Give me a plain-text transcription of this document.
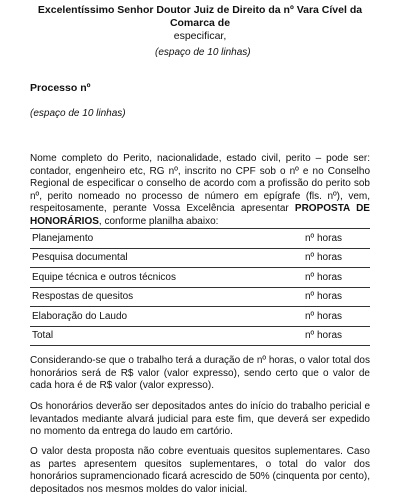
Excelentíssimo Senhor Doutor Juiz de Direito da nº Vara Cível da Comarca de
especificar,
(espaço de 10 linhas)
Processo nº
(espaço de 10 linhas)
Nome completo do Perito, nacionalidade, estado civil, perito – pode ser: contador, engenheiro etc, RG nº, inscrito no CPF sob o nº e no Conselho Regional de especificar o conselho de acordo com a profissão do perito sob nº, perito nomeado no processo de número em epígrafe (fls. nº), vem, respeitosamente, perante Vossa Excelência apresentar PROPOSTA DE HONORÁRIOS, conforme planilha abaixo:
Planejamento	nº horas
Pesquisa documental	nº horas
Equipe técnica e outros técnicos	nº horas
Respostas de quesitos	nº horas
Elaboração do Laudo	nº horas
Total	nº horas
Considerando-se que o trabalho terá a duração de nº horas, o valor total dos honorários será de R$ valor (valor expresso), sendo certo que o valor de cada hora é de R$ valor (valor expresso).
Os honorários deverão ser depositados antes do início do trabalho pericial e levantados mediante alvará judicial para este fim, que deverá ser expedido no momento da entrega do laudo em cartório.
O valor desta proposta não cobre eventuais quesitos suplementares. Caso as partes apresentem quesitos suplementares, o total do valor dos honorários supramencionado ficará acrescido de 50% (cinquenta por cento), depositados nos mesmos moldes do valor inicial.
